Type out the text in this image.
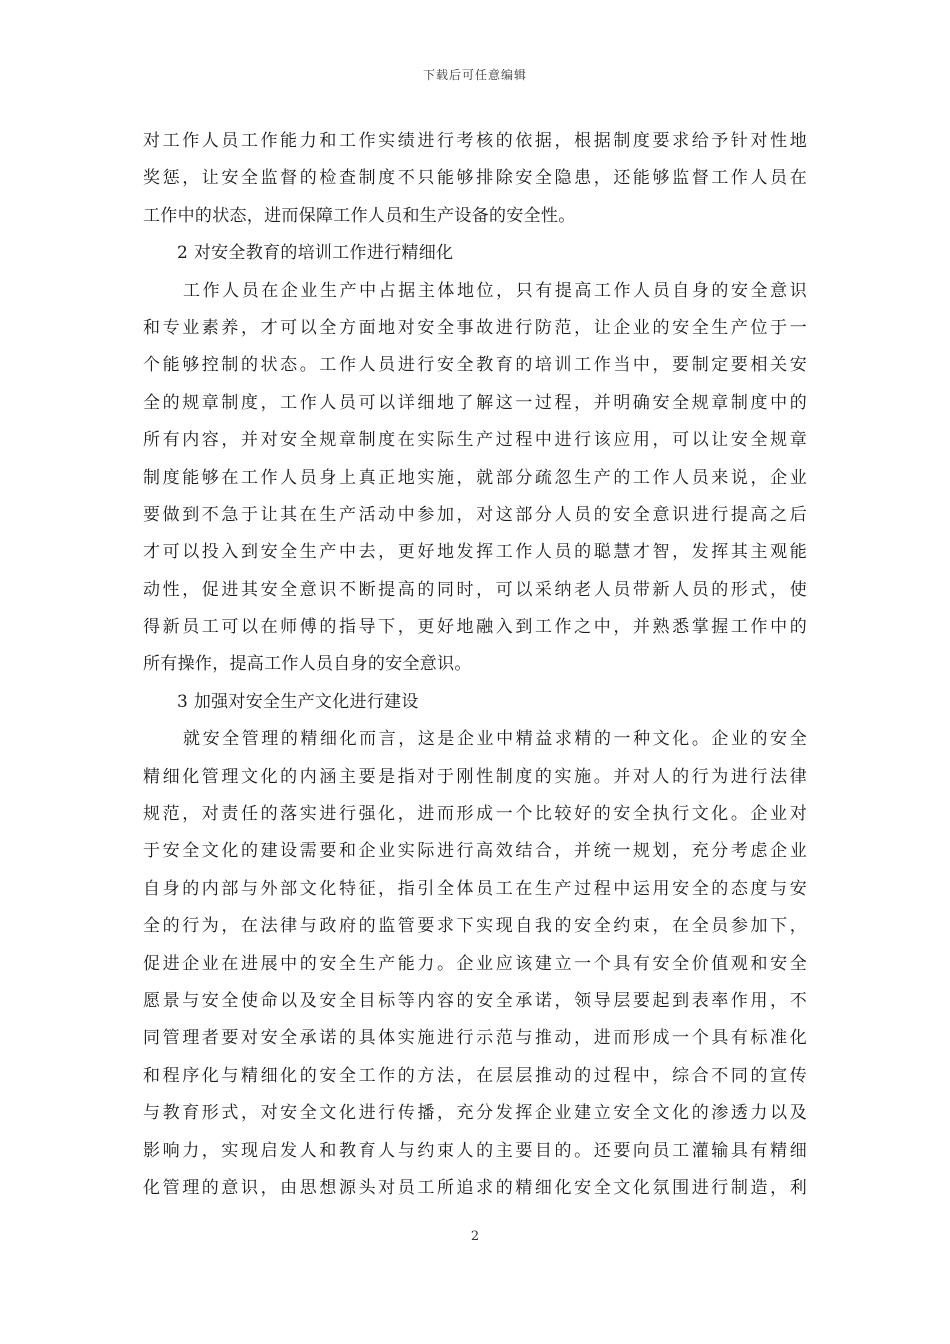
下载后可任意编辑
对工作人员工作能力和工作实绩进行考核的依据，根据制度要求给予针对性地
奖惩，让安全监督的检查制度不只能够排除安全隐患，还能够监督工作人员在
工作中的状态，进而保障工作人员和生产设备的安全性。
2 对安全教育的培训工作进行精细化
工作人员在企业生产中占据主体地位，只有提高工作人员自身的安全意识
和专业素养，才可以全方面地对安全事故进行防范，让企业的安全生产位于一
个能够控制的状态。工作人员进行安全教育的培训工作当中，要制定要相关安
全的规章制度，工作人员可以详细地了解这一过程，并明确安全规章制度中的
所有内容，并对安全规章制度在实际生产过程中进行该应用，可以让安全规章
制度能够在工作人员身上真正地实施，就部分疏忽生产的工作人员来说，企业
要做到不急于让其在生产活动中参加，对这部分人员的安全意识进行提高之后
才可以投入到安全生产中去，更好地发挥工作人员的聪慧才智，发挥其主观能
动性，促进其安全意识不断提高的同时，可以采纳老人员带新人员的形式，使
得新员工可以在师傅的指导下，更好地融入到工作之中，并熟悉掌握工作中的
所有操作，提高工作人员自身的安全意识。
3 加强对安全生产文化进行建设
就安全管理的精细化而言，这是企业中精益求精的一种文化。企业的安全
精细化管理文化的内涵主要是指对于刚性制度的实施。并对人的行为进行法律
规范，对责任的落实进行强化，进而形成一个比较好的安全执行文化。企业对
于安全文化的建设需要和企业实际进行高效结合，并统一规划，充分考虑企业
自身的内部与外部文化特征，指引全体员工在生产过程中运用安全的态度与安
全的行为，在法律与政府的监管要求下实现自我的安全约束，在全员参加下，
促进企业在进展中的安全生产能力。企业应该建立一个具有安全价值观和安全
愿景与安全使命以及安全目标等内容的安全承诺，领导层要起到表率作用，不
同管理者要对安全承诺的具体实施进行示范与推动，进而形成一个具有标准化
和程序化与精细化的安全工作的方法，在层层推动的过程中，综合不同的宣传
与教育形式，对安全文化进行传播，充分发挥企业建立安全文化的渗透力以及
影响力，实现启发人和教育人与约束人的主要目的。还要向员工灌输具有精细
化管理的意识，由思想源头对员工所追求的精细化安全文化氛围进行制造，利
2
